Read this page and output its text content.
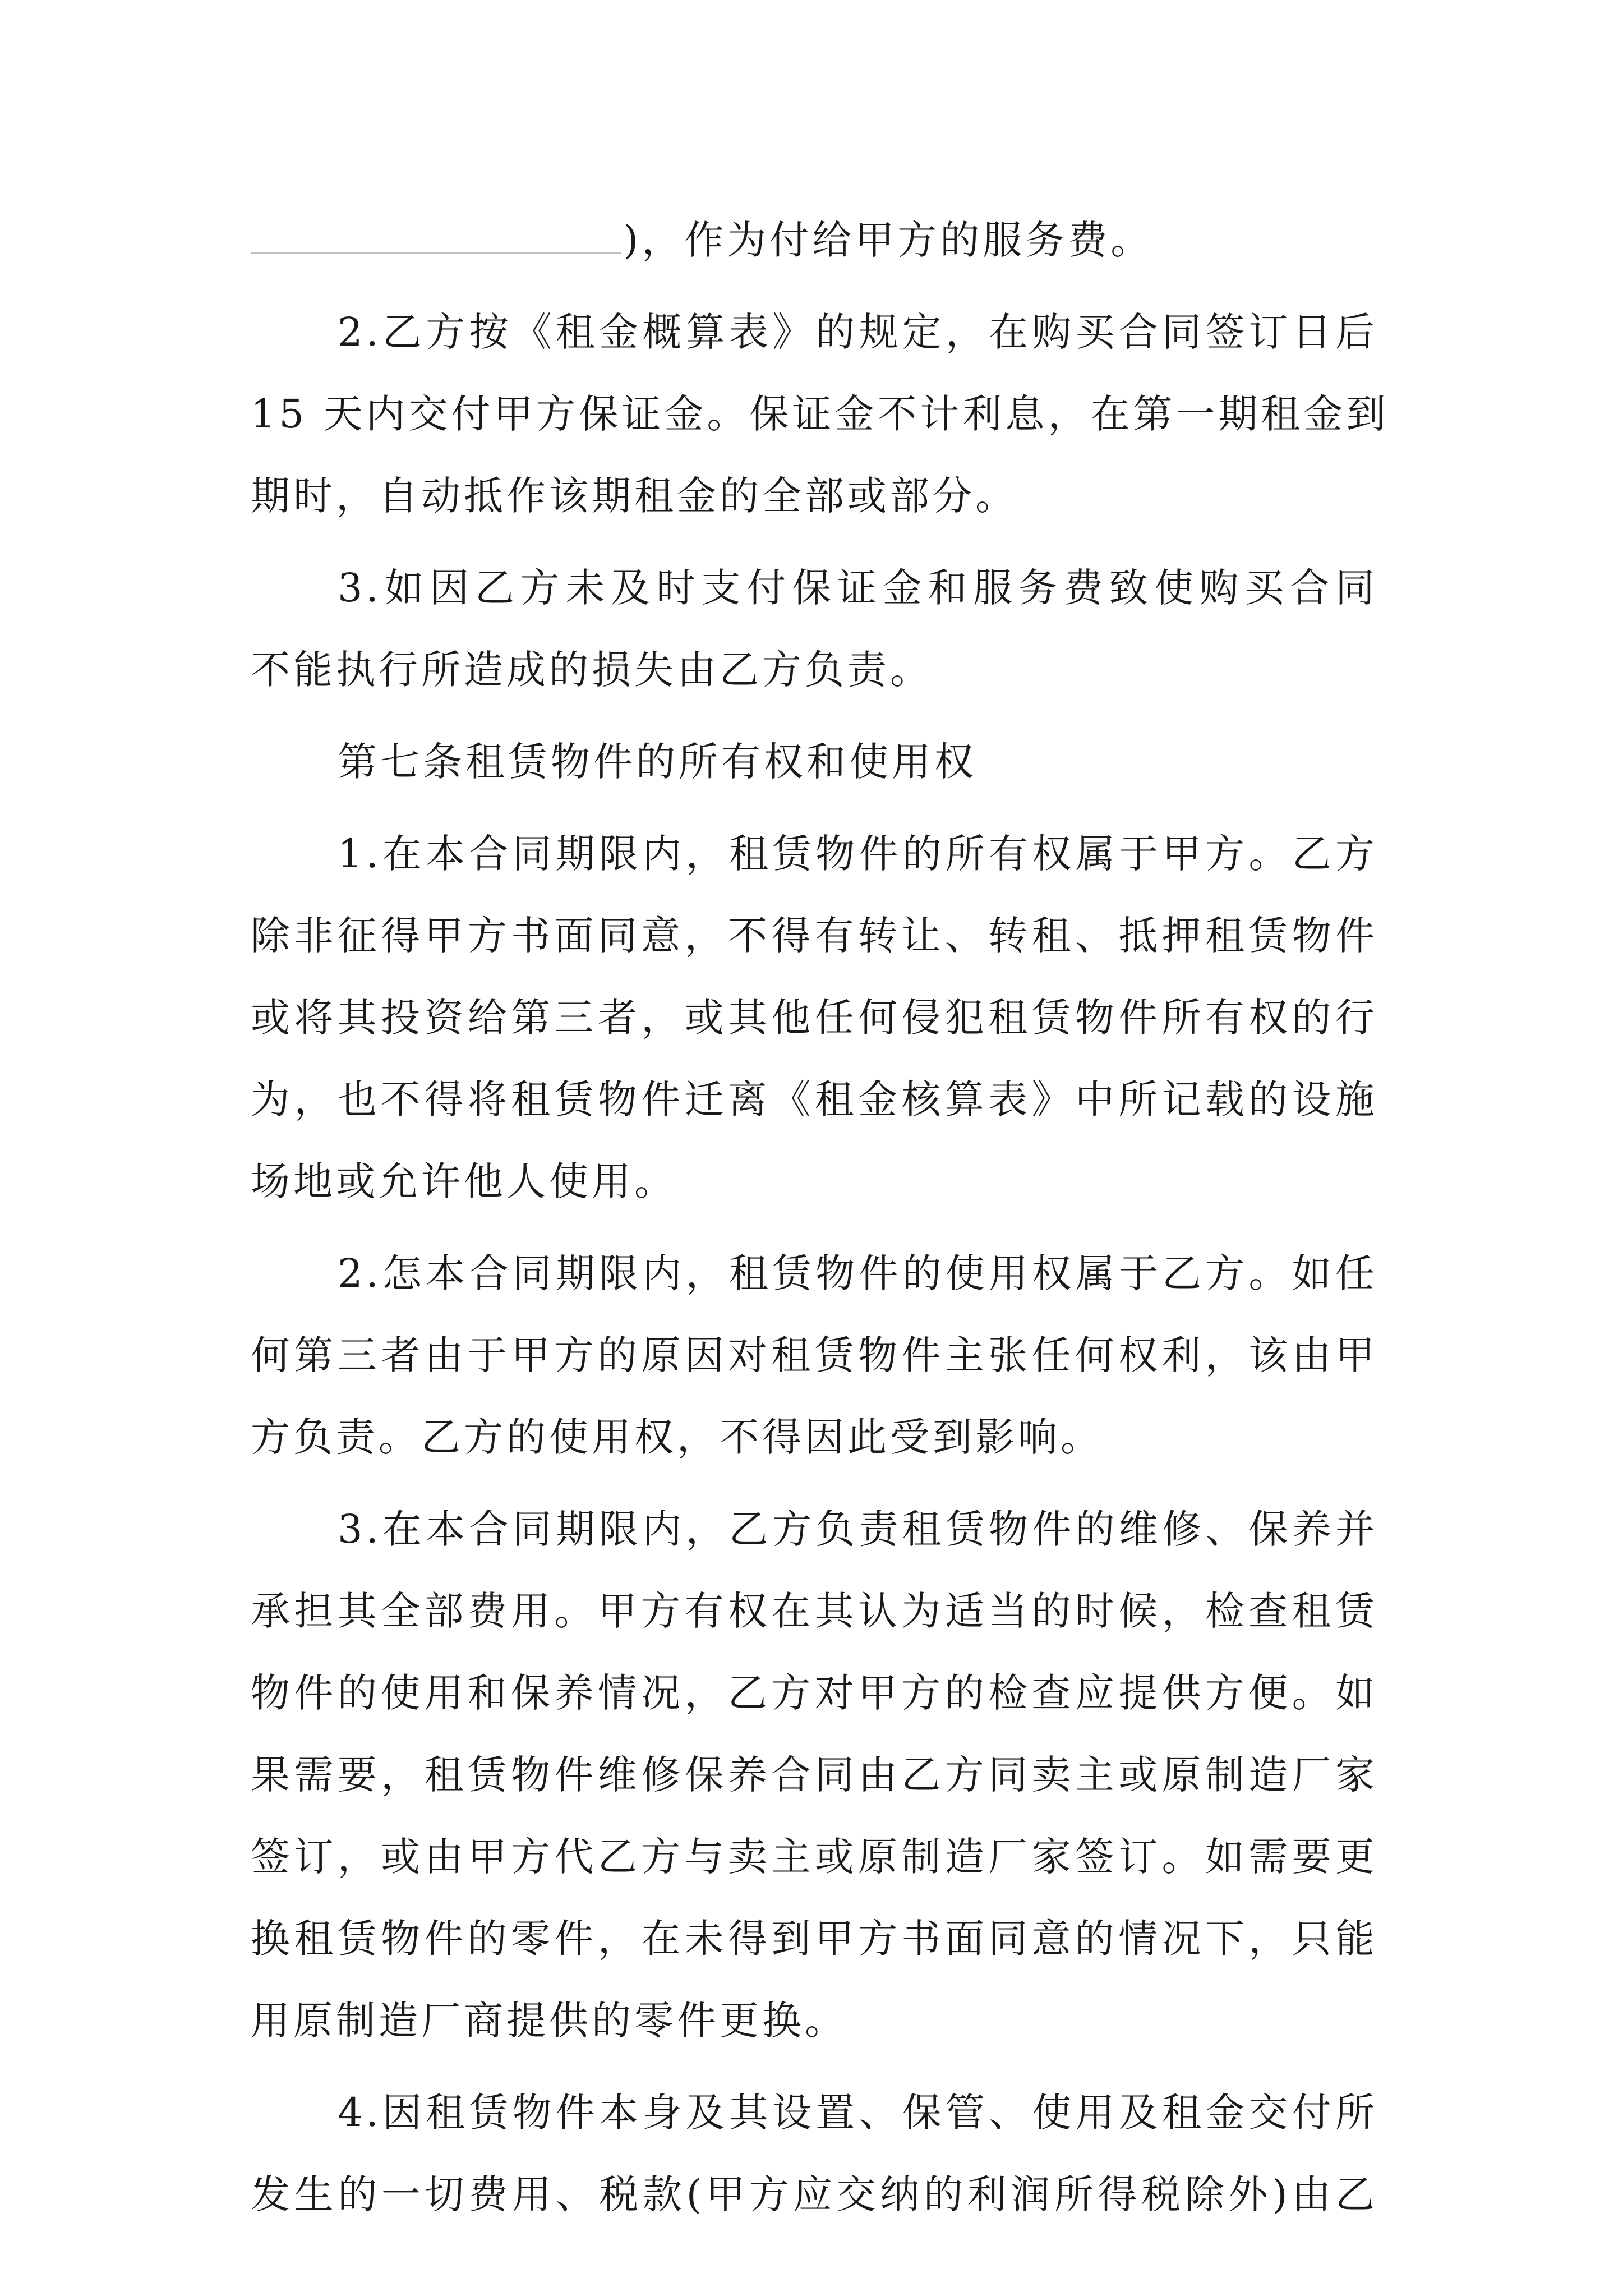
)，作为付给甲方的服务费。
2.乙方按《租金概算表》的规定，在购买合同签订日后
15 天内交付甲方保证金。保证金不计利息，在第一期租金到
期时，自动抵作该期租金的全部或部分。
3.如因乙方未及时支付保证金和服务费致使购买合同
不能执行所造成的损失由乙方负责。
第七条租赁物件的所有权和使用权
1.在本合同期限内，租赁物件的所有权属于甲方。乙方
除非征得甲方书面同意，不得有转让、转租、抵押租赁物件
或将其投资给第三者，或其他任何侵犯租赁物件所有权的行
为，也不得将租赁物件迁离《租金核算表》中所记载的设施
场地或允许他人使用。
2.怎本合同期限内，租赁物件的使用权属于乙方。如任
何第三者由于甲方的原因对租赁物件主张任何权利，该由甲
方负责。乙方的使用权，不得因此受到影响。
3.在本合同期限内，乙方负责租赁物件的维修、保养并
承担其全部费用。甲方有权在其认为适当的时候，检查租赁
物件的使用和保养情况，乙方对甲方的检查应提供方便。如
果需要，租赁物件维修保养合同由乙方同卖主或原制造厂家
签订，或由甲方代乙方与卖主或原制造厂家签订。如需要更
换租赁物件的零件，在未得到甲方书面同意的情况下，只能
用原制造厂商提供的零件更换。
4.因租赁物件本身及其设置、保管、使用及租金交付所
发生的一切费用、税款(甲方应交纳的利润所得税除外)由乙
